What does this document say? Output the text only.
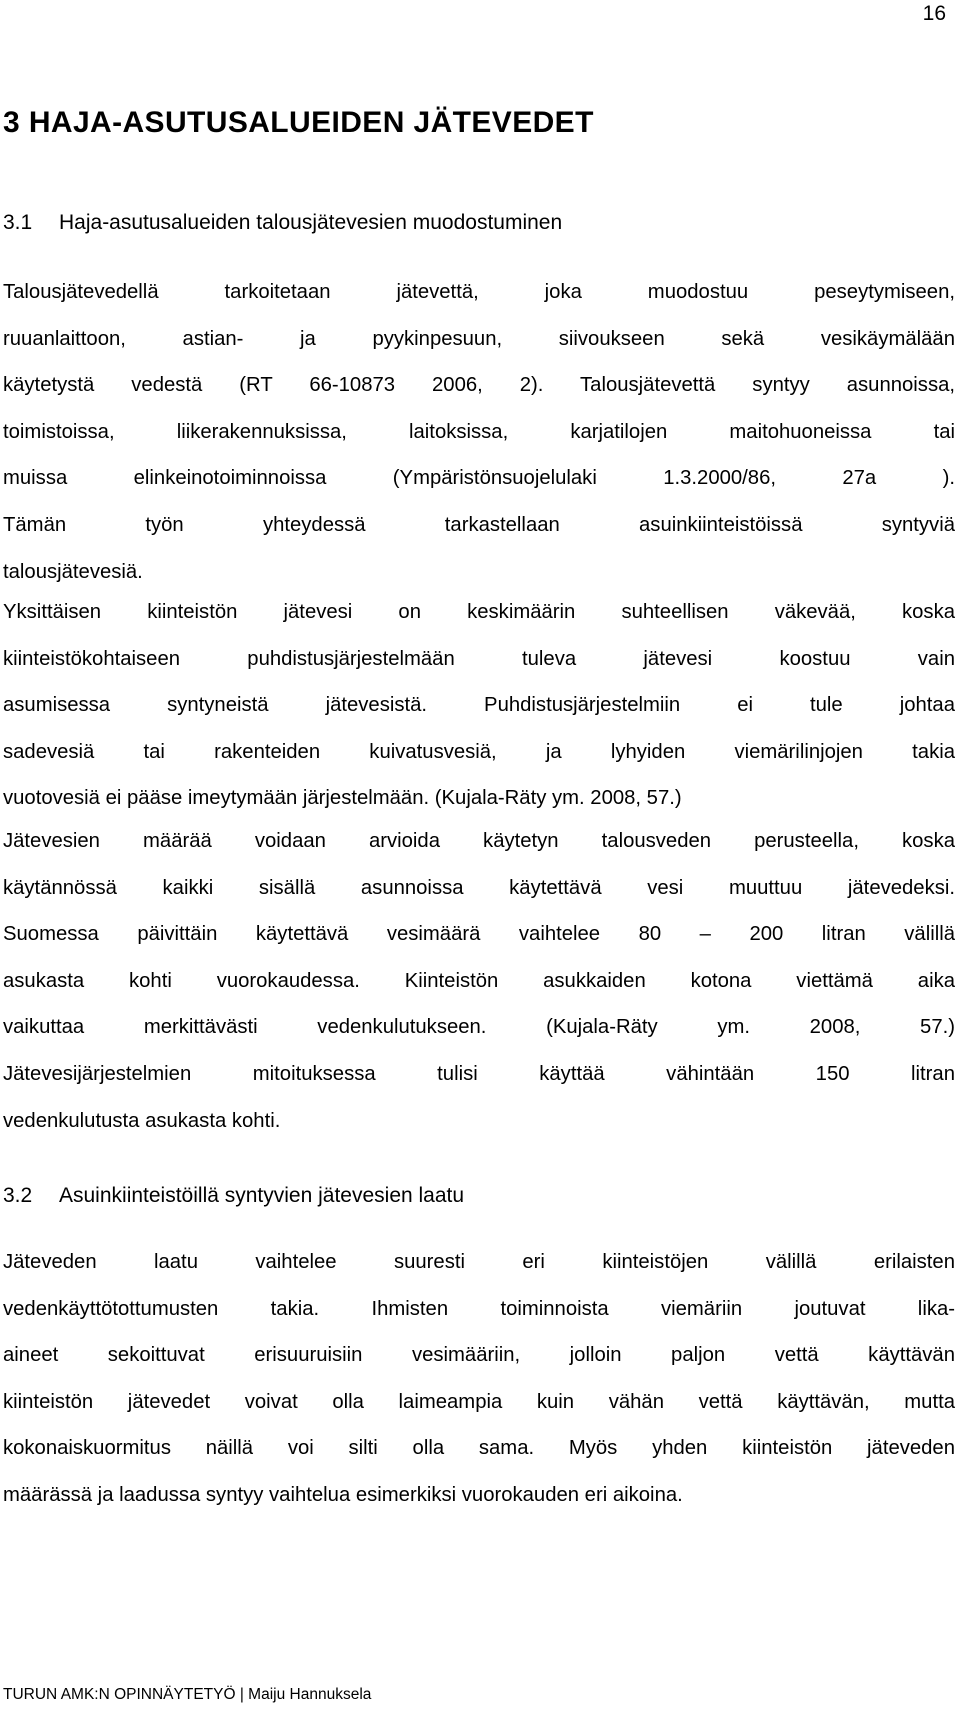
16
3 HAJA-ASUTUSALUEIDEN JÄTEVEDET
3.1 Haja-asutusalueiden talousjätevesien muodostuminen
Talousjätevedellä tarkoitetaan jätevettä, joka muodostuu peseytymiseen,
ruuanlaittoon, astian- ja pyykinpesuun, siivoukseen sekä vesikäymälään
käytetystä vedestä (RT 66-10873 2006, 2). Talousjätevettä syntyy asunnoissa,
toimistoissa, liikerakennuksissa, laitoksissa, karjatilojen maitohuoneissa tai
muissa elinkeinotoiminnoissa (Ympäristönsuojelulaki 1.3.2000/86, 27a ).
Tämän työn yhteydessä tarkastellaan asuinkiinteistöissä syntyviä
talousjätevesiä.
Yksittäisen kiinteistön jätevesi on keskimäärin suhteellisen väkevää, koska
kiinteistökohtaiseen puhdistusjärjestelmään tuleva jätevesi koostuu vain
asumisessa syntyneistä jätevesistä. Puhdistusjärjestelmiin ei tule johtaa
sadevesiä tai rakenteiden kuivatusvesiä, ja lyhyiden viemärilinjojen takia
vuotovesiä ei pääse imeytymään järjestelmään. (Kujala-Räty ym. 2008, 57.)
Jätevesien määrää voidaan arvioida käytetyn talousveden perusteella, koska
käytännössä kaikki sisällä asunnoissa käytettävä vesi muuttuu jätevedeksi.
Suomessa päivittäin käytettävä vesimäärä vaihtelee 80 – 200 litran välillä
asukasta kohti vuorokaudessa. Kiinteistön asukkaiden kotona viettämä aika
vaikuttaa merkittävästi vedenkulutukseen. (Kujala-Räty ym. 2008, 57.)
Jätevesijärjestelmien mitoituksessa tulisi käyttää vähintään 150 litran
vedenkulutusta asukasta kohti.
3.2 Asuinkiinteistöillä syntyvien jätevesien laatu
Jäteveden laatu vaihtelee suuresti eri kiinteistöjen välillä erilaisten
vedenkäyttötottumusten takia. Ihmisten toiminnoista viemäriin joutuvat lika-
aineet sekoittuvat erisuuruisiin vesimääriin, jolloin paljon vettä käyttävän
kiinteistön jätevedet voivat olla laimeampia kuin vähän vettä käyttävän, mutta
kokonaiskuormitus näillä voi silti olla sama. Myös yhden kiinteistön jäteveden
määrässä ja laadussa syntyy vaihtelua esimerkiksi vuorokauden eri aikoina.
TURUN AMK:N OPINNÄYTETYÖ | Maiju Hannuksela
